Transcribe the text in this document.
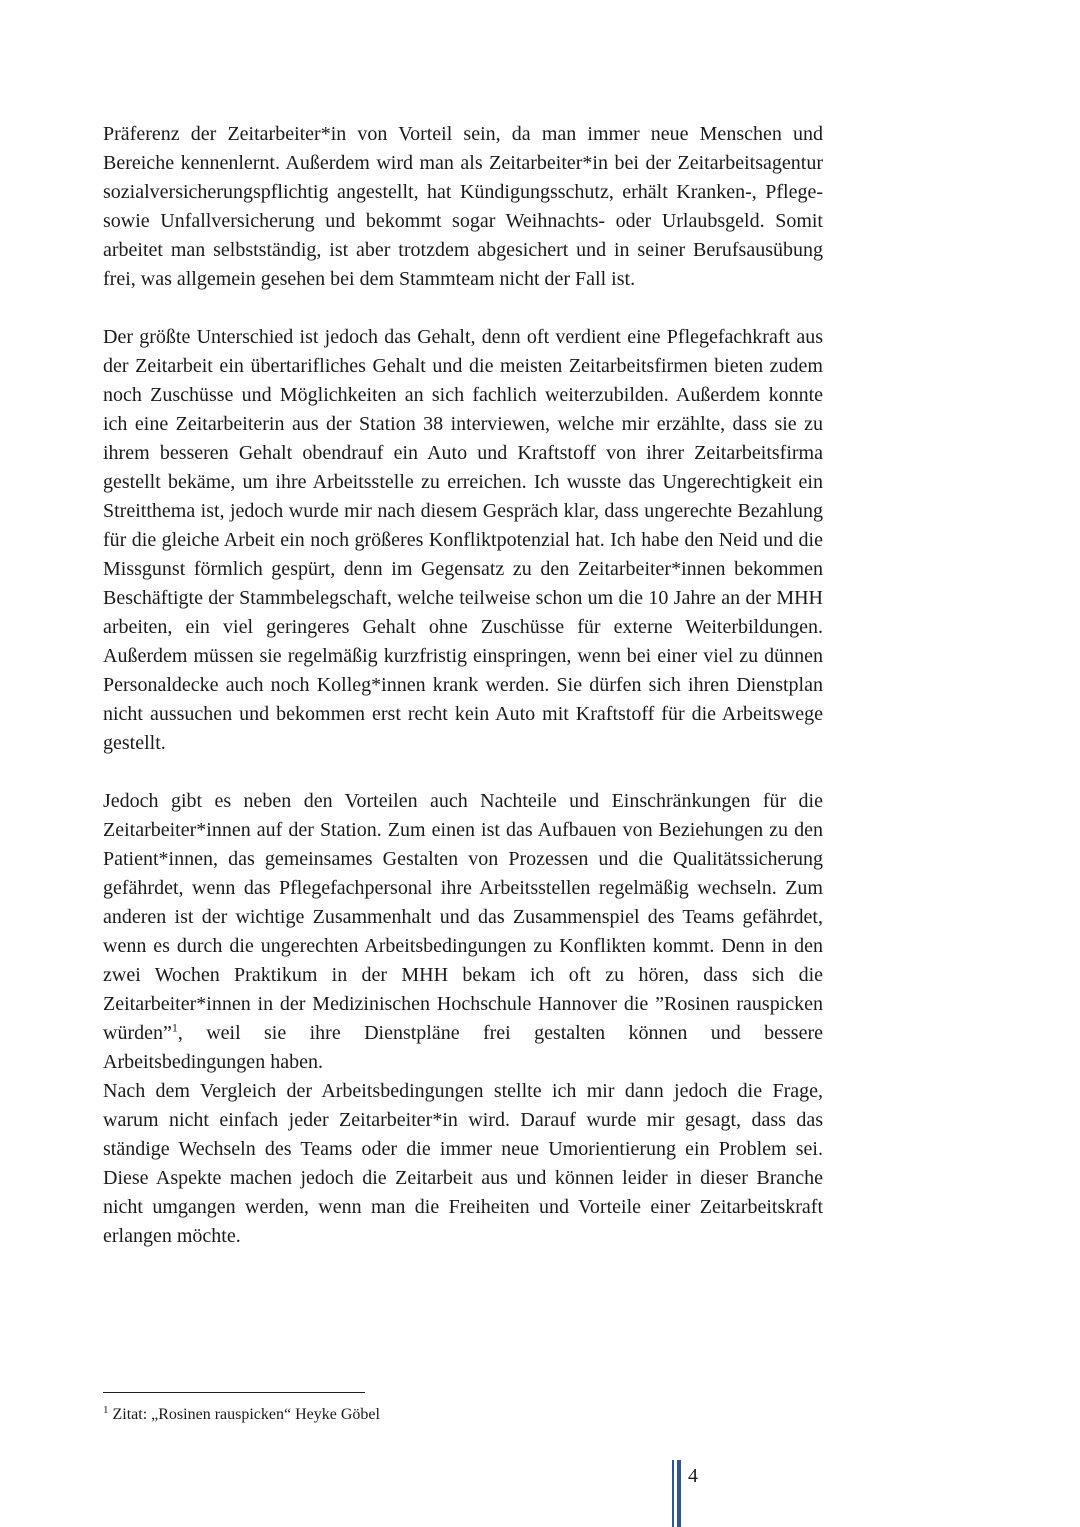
Präferenz der Zeitarbeiter*in von Vorteil sein, da man immer neue Menschen und Bereiche kennenlernt. Außerdem wird man als Zeitarbeiter*in bei der Zeitarbeitsagentur sozialversicherungspflichtig angestellt, hat Kündigungsschutz, erhält Kranken-, Pflege- sowie Unfallversicherung und bekommt sogar Weihnachts- oder Urlaubsgeld. Somit arbeitet man selbstständig, ist aber trotzdem abgesichert und in seiner Berufsausübung frei, was allgemein gesehen bei dem Stammteam nicht der Fall ist.

Der größte Unterschied ist jedoch das Gehalt, denn oft verdient eine Pflegefachkraft aus der Zeitarbeit ein übertarifliches Gehalt und die meisten Zeitarbeitsfirmen bieten zudem noch Zuschüsse und Möglichkeiten an sich fachlich weiterzubilden. Außerdem konnte ich eine Zeitarbeiterin aus der Station 38 interviewen, welche mir erzählte, dass sie zu ihrem besseren Gehalt obendrauf ein Auto und Kraftstoff von ihrer Zeitarbeitsfirma gestellt bekäme, um ihre Arbeitsstelle zu erreichen. Ich wusste das Ungerechtigkeit ein Streitthema ist, jedoch wurde mir nach diesem Gespräch klar, dass ungerechte Bezahlung für die gleiche Arbeit ein noch größeres Konfliktpotenzial hat. Ich habe den Neid und die Missgunst förmlich gespürt, denn im Gegensatz zu den Zeitarbeiter*innen bekommen Beschäftigte der Stammbelegschaft, welche teilweise schon um die 10 Jahre an der MHH arbeiten, ein viel geringeres Gehalt ohne Zuschüsse für externe Weiterbildungen. Außerdem müssen sie regelmäßig kurzfristig einspringen, wenn bei einer viel zu dünnen Personaldecke auch noch Kolleg*innen krank werden. Sie dürfen sich ihren Dienstplan nicht aussuchen und bekommen erst recht kein Auto mit Kraftstoff für die Arbeitswege gestellt.

Jedoch gibt es neben den Vorteilen auch Nachteile und Einschränkungen für die Zeitarbeiter*innen auf der Station. Zum einen ist das Aufbauen von Beziehungen zu den Patient*innen, das gemeinsames Gestalten von Prozessen und die Qualitätssicherung gefährdet, wenn das Pflegefachpersonal ihre Arbeitsstellen regelmäßig wechseln. Zum anderen ist der wichtige Zusammenhalt und das Zusammenspiel des Teams gefährdet, wenn es durch die ungerechten Arbeitsbedingungen zu Konflikten kommt. Denn in den zwei Wochen Praktikum in der MHH bekam ich oft zu hören, dass sich die Zeitarbeiter*innen in der Medizinischen Hochschule Hannover die ”Rosinen rauspicken würden”$^1$, weil sie ihre Dienstpläne frei gestalten können und bessere Arbeitsbedingungen haben.

Nach dem Vergleich der Arbeitsbedingungen stellte ich mir dann jedoch die Frage, warum nicht einfach jeder Zeitarbeiter*in wird. Darauf wurde mir gesagt, dass das ständige Wechseln des Teams oder die immer neue Umorientierung ein Problem sei. Diese Aspekte machen jedoch die Zeitarbeit aus und können leider in dieser Branche nicht umgangen werden, wenn man die Freiheiten und Vorteile einer Zeitarbeitskraft erlangen möchte.

$^1$ Zitat: „Rosinen rauspicken“ Heyke Göbel
4
